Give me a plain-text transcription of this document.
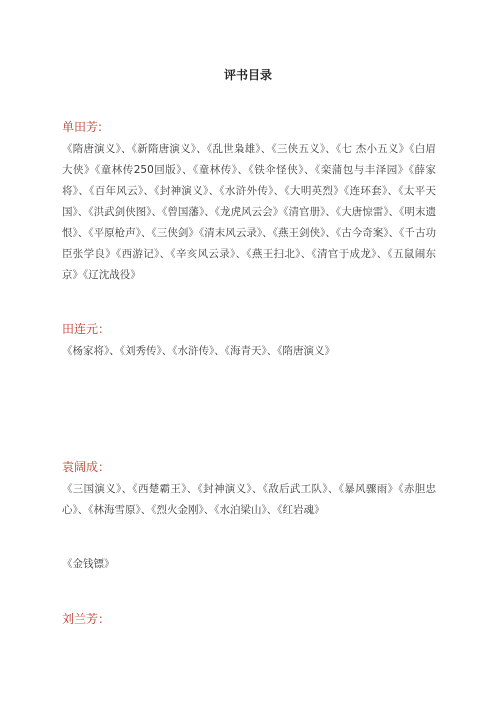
评书目录
单田芳:
《隋唐演义》、《新隋唐演义》、《乱世枭雄》、《三侠五义》、《七 杰小五义》《白眉大侠》《童林传250回版》、《童林传》、《铁伞怪侠》、《栾蒲包与丰泽园》《薛家将》、《百年风云》、《封神演义》、《水浒外传》、《大明英烈》《连环套》、《太平天国》、《洪武剑侠图》、《曾国藩》、《龙虎风云会》《清官册》、《大唐惊雷》、《明末遗恨》、《平原枪声》、《三侠剑》《清末风云录》、《燕王剑侠》、《古今奇案》、《千古功臣张学良》《西游记》、《辛亥风云录》、《燕王扫北》、《清官于成龙》、《五鼠闹东京》《辽沈战役》
田连元：
《杨家将》、《刘秀传》、《水浒传》、《海青天》、《隋唐演义》
袁阔成：
《三国演义》、《西楚霸王》、《封神演义》、《敌后武工队》、《暴风骤雨》《赤胆忠心》、《林海雪原》、《烈火金刚》、《水泊梁山》、《红岩魂》
《金钱镖》
刘兰芳：
